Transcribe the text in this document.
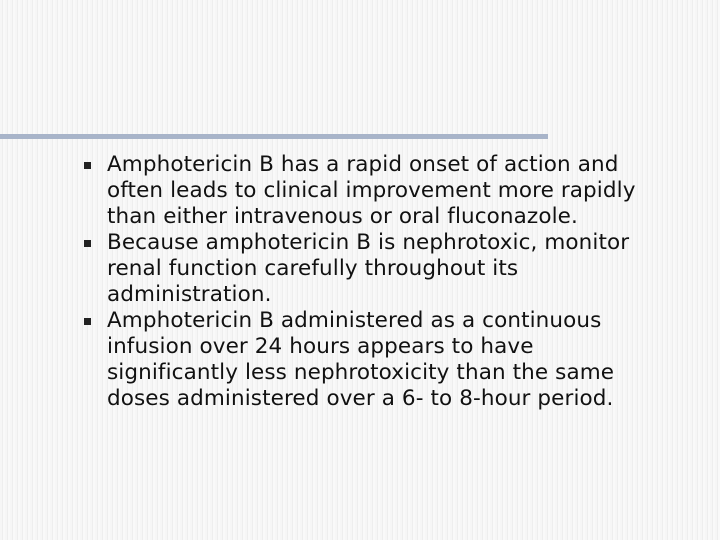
Amphotericin B has a rapid onset of action and
often leads to clinical improvement more rapidly
than either intravenous or oral fluconazole.
Because amphotericin B is nephrotoxic, monitor
renal function carefully throughout its
administration.
Amphotericin B administered as a continuous
infusion over 24 hours appears to have
significantly less nephrotoxicity than the same
doses administered over a 6- to 8-hour period.
